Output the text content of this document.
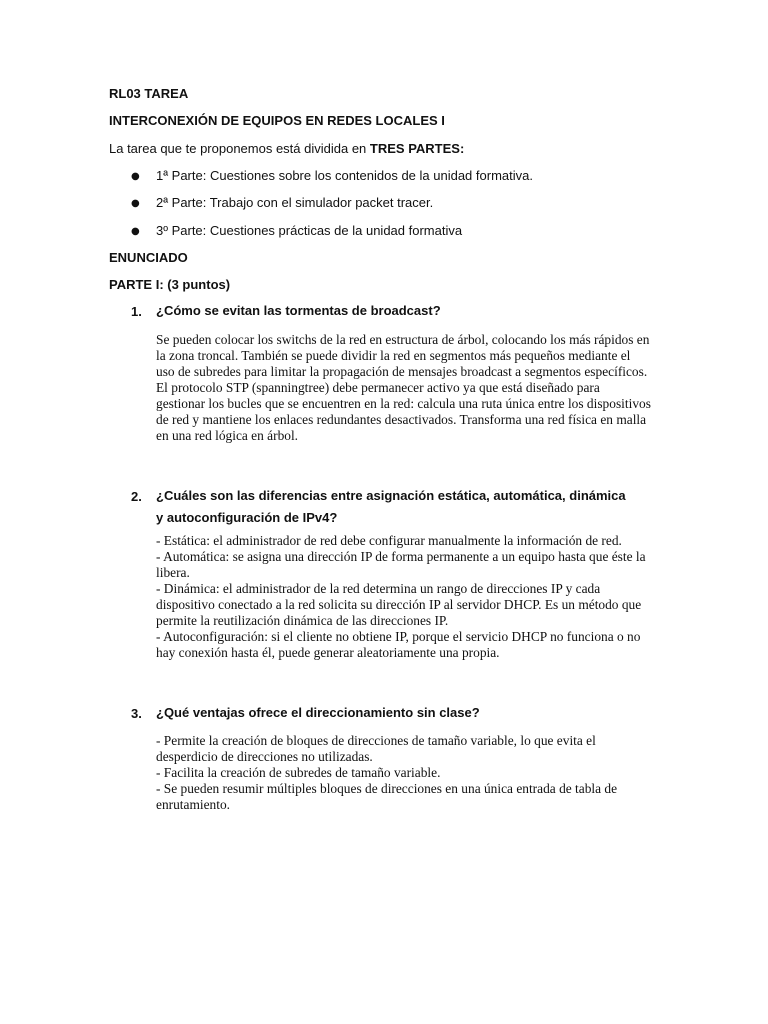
RL03 TAREA
INTERCONEXIÓN DE EQUIPOS EN REDES LOCALES I
La tarea que te proponemos está dividida en TRES PARTES:
● 1ª Parte: Cuestiones sobre los contenidos de la unidad formativa.
● 2ª Parte: Trabajo con el simulador packet tracer.
● 3º Parte: Cuestiones prácticas de la unidad formativa
ENUNCIADO
PARTE I: (3 puntos)
1. ¿Cómo se evitan las tormentas de broadcast?

Se pueden colocar los switchs de la red en estructura de árbol, colocando los más rápidos en la zona troncal. También se puede dividir la red en segmentos más pequeños mediante el uso de subredes para limitar la propagación de mensajes broadcast a segmentos específicos.

El protocolo STP (spanningtree) debe permanecer activo ya que está diseñado para gestionar los bucles que se encuentren en la red: calcula una ruta única entre los dispositivos de red y mantiene los enlaces redundantes desactivados. Transforma una red física en malla en una red lógica en árbol.

2. ¿Cuáles son las diferencias entre asignación estática, automática, dinámica y autoconfiguración de IPv4?

- Estática: el administrador de red debe configurar manualmente la información de red.

- Automática: se asigna una dirección IP de forma permanente a un equipo hasta que éste la libera.

- Dinámica: el administrador de la red determina un rango de direcciones IP y cada dispositivo conectado a la red solicita su dirección IP al servidor DHCP. Es un método que permite la reutilización dinámica de las direcciones IP.

- Autoconfiguración: si el cliente no obtiene IP, porque el servicio DHCP no funciona o no hay conexión hasta él, puede generar aleatoriamente una propia.

3. ¿Qué ventajas ofrece el direccionamiento sin clase?

- Permite la creación de bloques de direcciones de tamaño variable, lo que evita el desperdicio de direcciones no utilizadas.

- Facilita la creación de subredes de tamaño variable.

- Se pueden resumir múltiples bloques de direcciones en una única entrada de tabla de enrutamiento.
